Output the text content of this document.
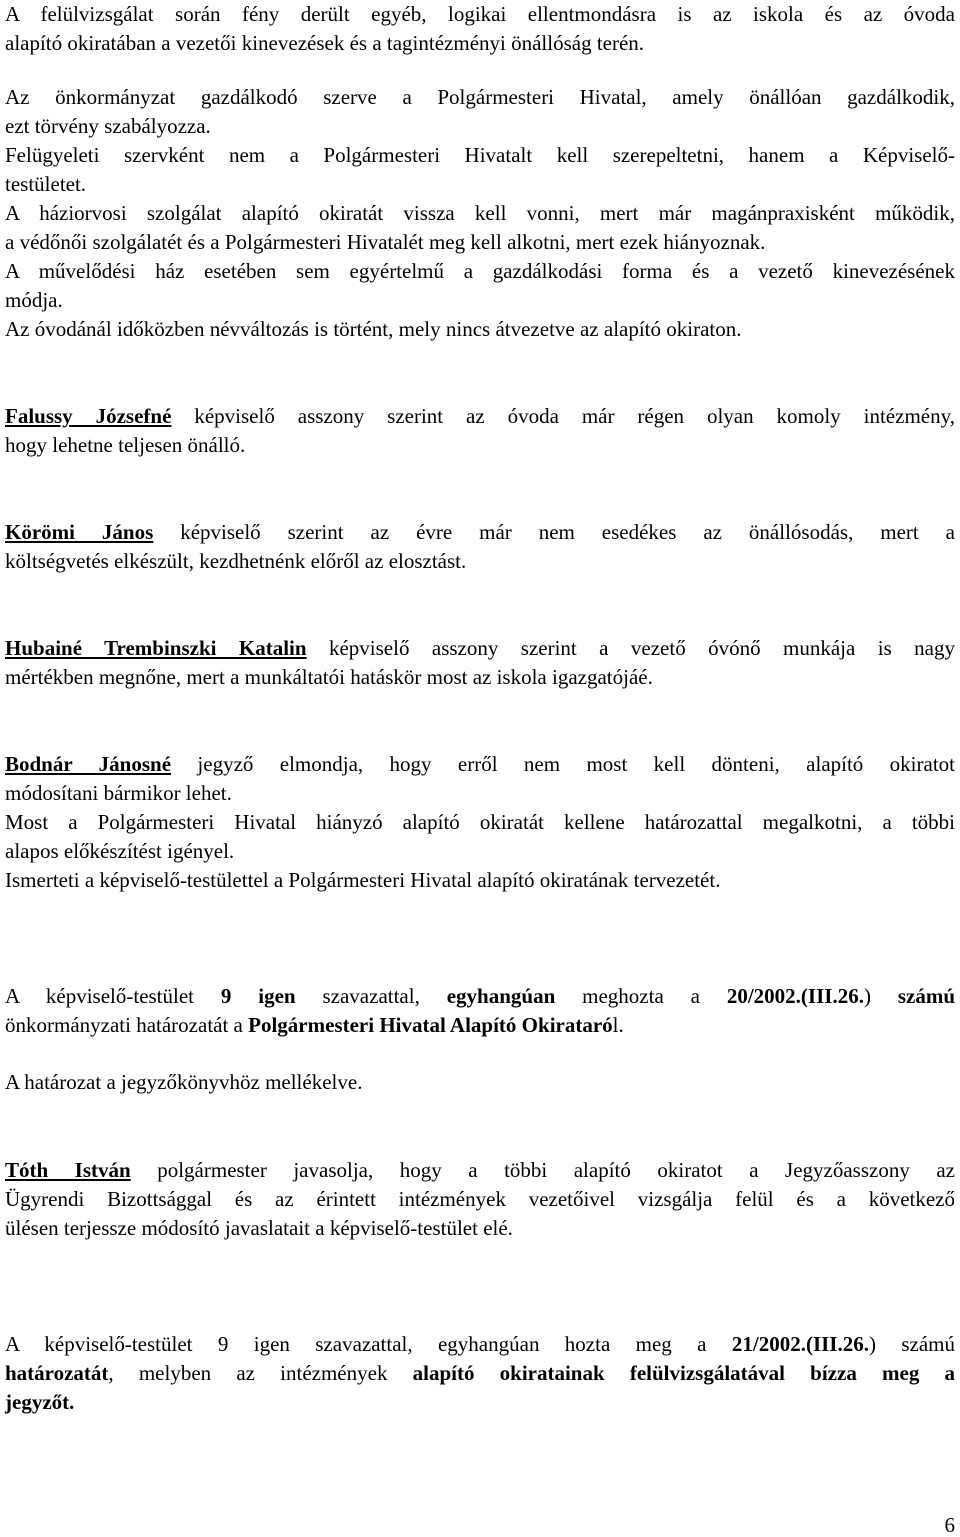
A felülvizsgálat során fény derült egyéb, logikai ellentmondásra is az iskola és az óvoda
alapító okiratában a vezetői kinevezések és a tagintézményi önállóság terén.
Az önkormányzat gazdálkodó szerve a Polgármesteri Hivatal, amely önállóan gazdálkodik,
ezt törvény szabályozza.
Felügyeleti szervként nem a Polgármesteri Hivatalt kell szerepeltetni, hanem a Képviselő-
testületet.
A háziorvosi szolgálat alapító okiratát vissza kell vonni, mert már magánpraxisként működik,
a védőnői szolgálatét és a Polgármesteri Hivatalét meg kell alkotni, mert ezek hiányoznak.
A művelődési ház esetében sem egyértelmű a gazdálkodási forma és a vezető kinevezésének
módja.
Az óvodánál időközben névváltozás is történt, mely nincs átvezetve az alapító okiraton.
Falussy Józsefné képviselő asszony szerint az óvoda már régen olyan komoly intézmény,
hogy lehetne teljesen önálló.
Körömi János képviselő szerint az évre már nem esedékes az önállósodás, mert a
költségvetés elkészült, kezdhetnénk előről az elosztást.
Hubainé Trembinszki Katalin képviselő asszony szerint a vezető óvónő munkája is nagy
mértékben megnőne, mert a munkáltatói hatáskör most az iskola igazgatójáé.
Bodnár Jánosné jegyző elmondja, hogy erről nem most kell dönteni, alapító okiratot
módosítani bármikor lehet.
Most a Polgármesteri Hivatal hiányzó alapító okiratát kellene határozattal megalkotni, a többi
alapos előkészítést igényel.
Ismerteti a képviselő-testülettel a Polgármesteri Hivatal alapító okiratának tervezetét.
A képviselő-testület 9 igen szavazattal, egyhangúan meghozta a 20/2002.(III.26.) számú
önkormányzati határozatát a Polgármesteri Hivatal Alapító Okirataról.
A határozat a jegyzőkönyvhöz mellékelve.
Tóth István polgármester javasolja, hogy a többi alapító okiratot a Jegyzőasszony az
Ügyrendi Bizottsággal és az érintett intézmények vezetőivel vizsgálja felül és a következő
ülésen terjessze módosító javaslatait a képviselő-testület elé.
A képviselő-testület 9 igen szavazattal, egyhangúan hozta meg a 21/2002.(III.26.) számú
határozatát, melyben az intézmények alapító okiratainak felülvizsgálatával bízza meg a
jegyzőt.
6
